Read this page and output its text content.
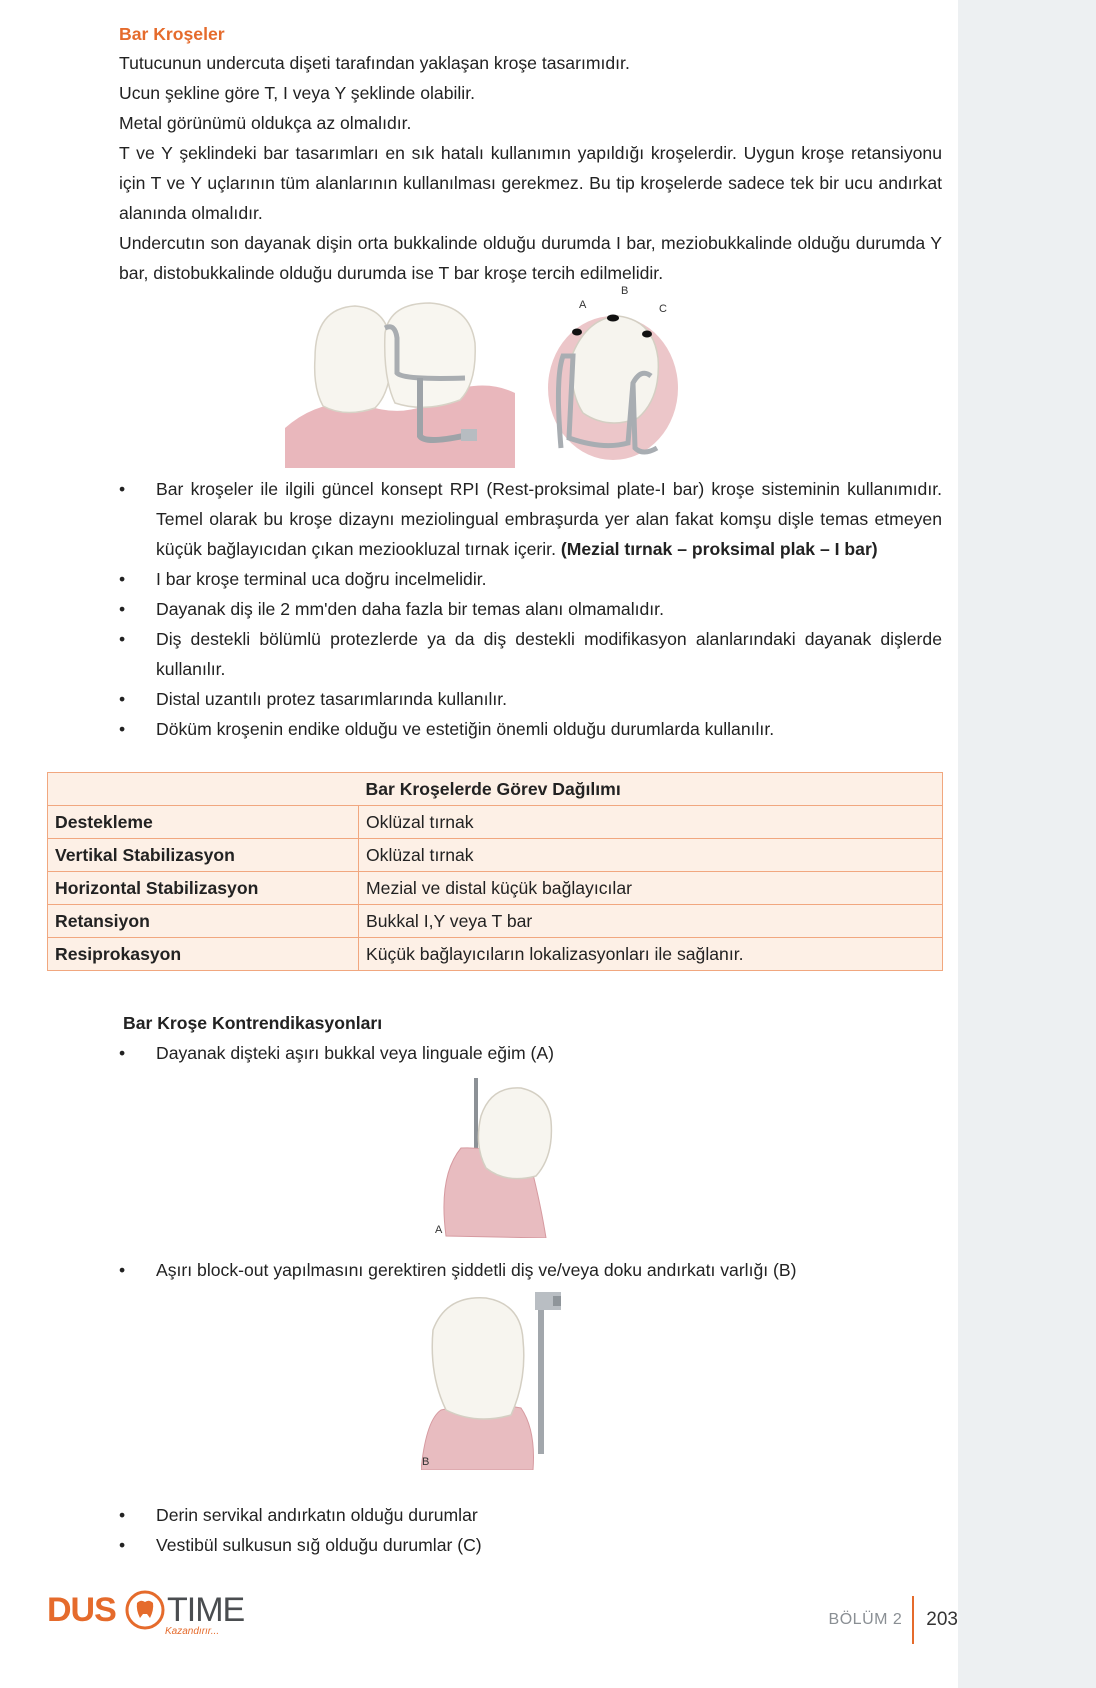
Bar Kroşeler

Tutucunun undercuta dişeti tarafından yaklaşan kroşe tasarımıdır.

Ucun şekline göre T, I veya Y şeklinde olabilir.

Metal görünümü oldukça az olmalıdır.

T ve Y şeklindeki bar tasarımları en sık hatalı kullanımın yapıldığı kroşelerdir. Uygun kroşe retansiyonu için T ve Y uçlarının tüm alanlarının kullanılması gerekmez. Bu tip kroşelerde sadece tek bir ucu andırkat alanında olmalıdır.

Undercutın son dayanak dişin orta bukkalinde olduğu durumda I bar, meziobukkalinde olduğu durumda Y bar, distobukkalinde olduğu durumda ise T bar kroşe tercih edilmelidir.

A
B
C
•	Bar kroşeler ile ilgili güncel konsept RPI (Rest-proksimal plate-I bar) kroşe sisteminin kullanımıdır. Temel olarak bu kroşe dizaynı meziolingual embraşurda yer alan fakat komşu dişle temas etmeyen küçük bağlayıcıdan çıkan meziookluzal tırnak içerir. (Mezial tırnak – proksimal plak – I bar)
•	I bar kroşe terminal uca doğru incelmelidir.
•	Dayanak diş ile 2 mm'den daha fazla bir temas alanı olmamalıdır.
•	Diş destekli bölümlü protezlerde ya da diş destekli modifikasyon alanlarındaki dayanak dişlerde kullanılır.
•	Distal uzantılı protez tasarımlarında kullanılır.
•	Döküm kroşenin endike olduğu ve estetiğin önemli olduğu durumlarda kullanılır.
	Bar Kroşelerde Görev Dağılımı
Destekleme	Oklüzal tırnak
Vertikal Stabilizasyon	Oklüzal tırnak
Horizontal Stabilizasyon	Mezial ve distal küçük bağlayıcılar
Retansiyon	Bukkal I,Y veya T bar
Resiprokasyon	Küçük bağlayıcıların lokalizasyonları ile sağlanır.
Bar Kroşe Kontrendikasyonları
•	Dayanak dişteki aşırı bukkal veya linguale eğim (A)
A
•	Aşırı block-out yapılmasını gerektiren şiddetli diş ve/veya doku andırkatı varlığı (B)
B
•	Derin servikal andırkatın olduğu durumlar
•	Vestibül sulkusun sığ olduğu durumlar (C)
DUS TIME
Kazandırır...
BÖLÜM 2	203
